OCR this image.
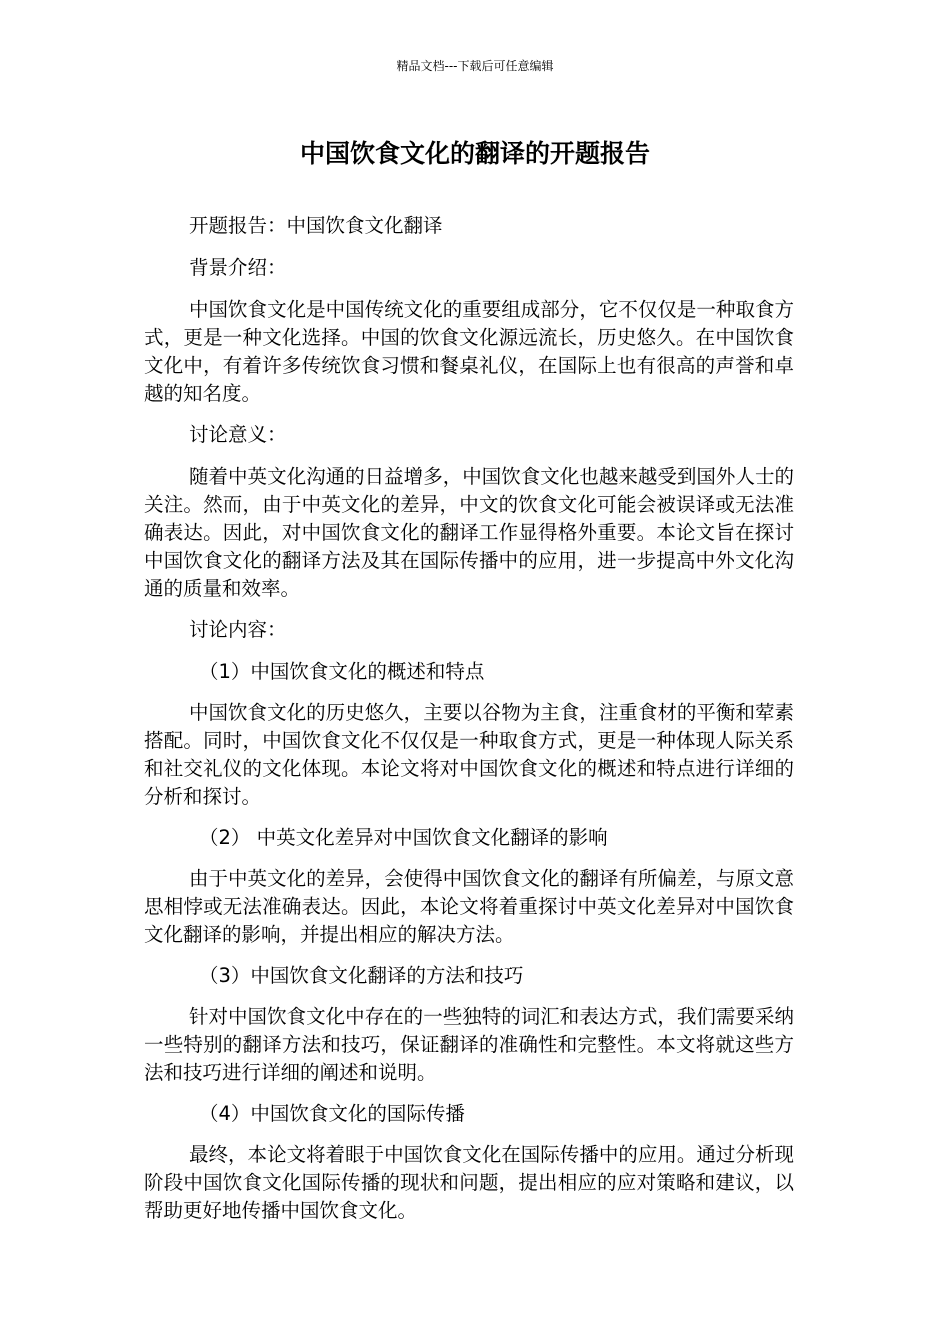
精品文档---下载后可任意编辑
中国饮食文化的翻译的开题报告

开题报告：中国饮食文化翻译

背景介绍：

中国饮食文化是中国传统文化的重要组成部分，它不仅仅是一种取食方式，更是一种文化选择。中国的饮食文化源远流长，历史悠久。在中国饮食文化中，有着许多传统饮食习惯和餐桌礼仪，在国际上也有很高的声誉和卓越的知名度。

讨论意义：

随着中英文化沟通的日益增多，中国饮食文化也越来越受到国外人士的关注。然而，由于中英文化的差异，中文的饮食文化可能会被误译或无法准确表达。因此，对中国饮食文化的翻译工作显得格外重要。本论文旨在探讨中国饮食文化的翻译方法及其在国际传播中的应用，进一步提高中外文化沟通的质量和效率。

讨论内容：

（1）中国饮食文化的概述和特点

中国饮食文化的历史悠久，主要以谷物为主食，注重食材的平衡和荤素搭配。同时，中国饮食文化不仅仅是一种取食方式，更是一种体现人际关系和社交礼仪的文化体现。本论文将对中国饮食文化的概述和特点进行详细的分析和探讨。

（2） 中英文化差异对中国饮食文化翻译的影响

由于中英文化的差异，会使得中国饮食文化的翻译有所偏差，与原文意思相悖或无法准确表达。因此，本论文将着重探讨中英文化差异对中国饮食文化翻译的影响，并提出相应的解决方法。

（3）中国饮食文化翻译的方法和技巧

针对中国饮食文化中存在的一些独特的词汇和表达方式，我们需要采纳一些特别的翻译方法和技巧，保证翻译的准确性和完整性。本文将就这些方法和技巧进行详细的阐述和说明。

（4）中国饮食文化的国际传播

最终，本论文将着眼于中国饮食文化在国际传播中的应用。通过分析现阶段中国饮食文化国际传播的现状和问题，提出相应的应对策略和建议，以帮助更好地传播中国饮食文化。
